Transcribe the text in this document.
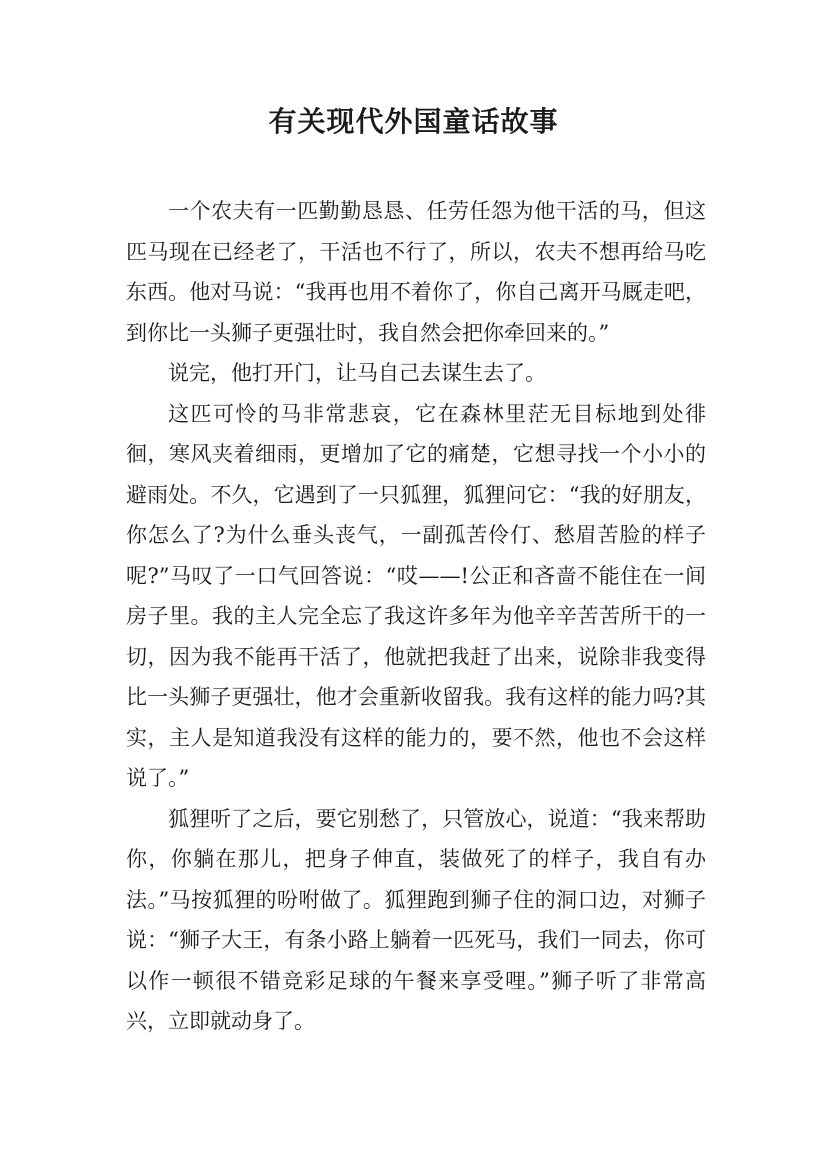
有关现代外国童话故事

一个农夫有一匹勤勤恳恳、任劳任怨为他干活的马，但这匹马现在已经老了，干活也不行了，所以，农夫不想再给马吃东西。他对马说：“我再也用不着你了，你自己离开马厩走吧，到你比一头狮子更强壮时，我自然会把你牵回来的。”

说完，他打开门，让马自己去谋生去了。

这匹可怜的马非常悲哀，它在森林里茫无目标地到处徘徊，寒风夹着细雨，更增加了它的痛楚，它想寻找一个小小的避雨处。不久，它遇到了一只狐狸，狐狸问它：“我的好朋友，你怎么了?为什么垂头丧气，一副孤苦伶仃、愁眉苦脸的样子呢?”马叹了一口气回答说：“哎——!公正和吝啬不能住在一间房子里。我的主人完全忘了我这许多年为他辛辛苦苦所干的一切，因为我不能再干活了，他就把我赶了出来，说除非我变得比一头狮子更强壮，他才会重新收留我。我有这样的能力吗?其实，主人是知道我没有这样的能力的，要不然，他也不会这样说了。”

狐狸听了之后，要它别愁了，只管放心，说道：“我来帮助你，你躺在那儿，把身子伸直，装做死了的样子，我自有办法。”马按狐狸的吩咐做了。狐狸跑到狮子住的洞口边，对狮子说：“狮子大王，有条小路上躺着一匹死马，我们一同去，你可以作一顿很不错竞彩足球的午餐来享受哩。”狮子听了非常高兴，立即就动身了。
